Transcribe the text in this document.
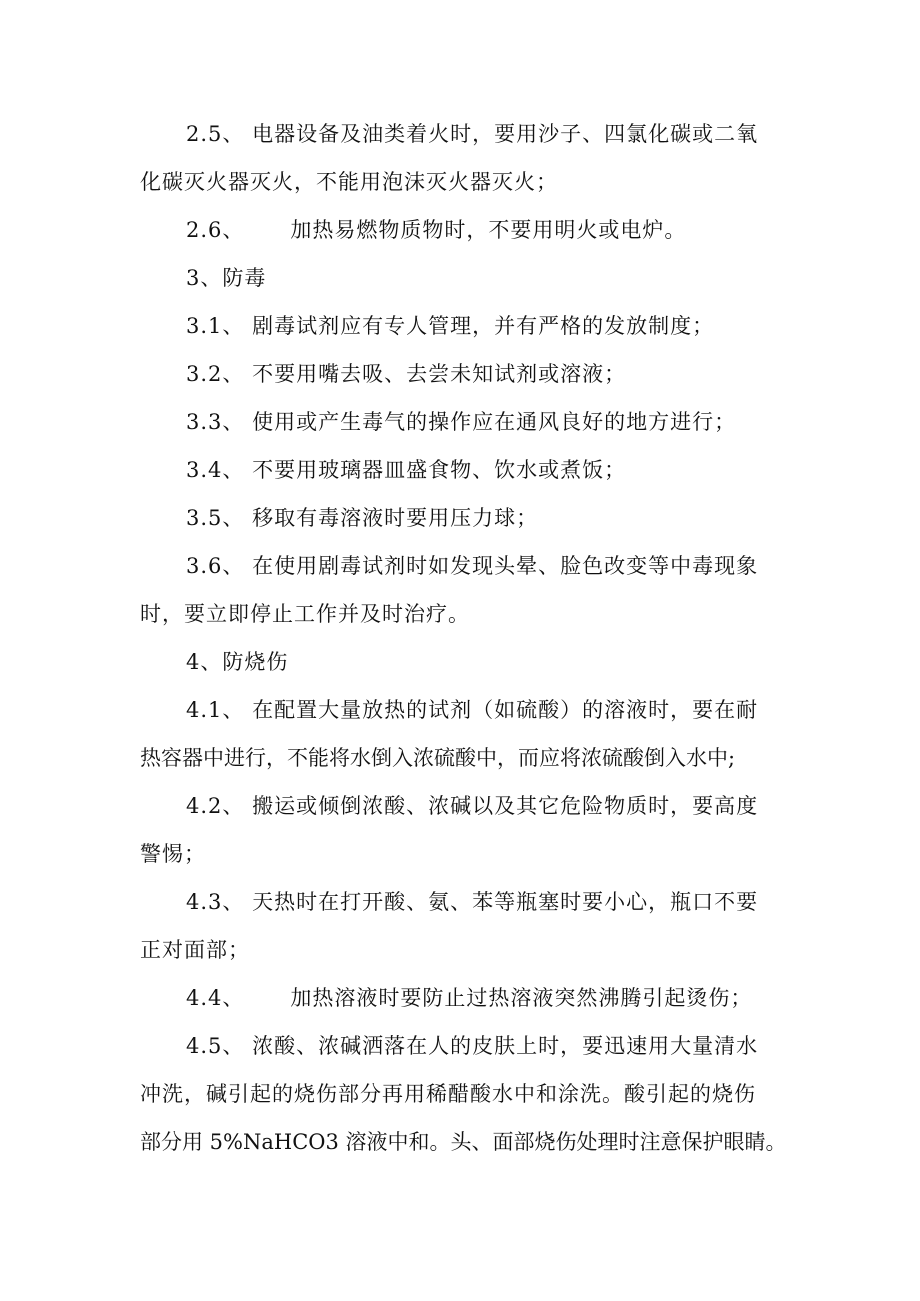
2.5、 电器设备及油类着火时，要用沙子、四氯化碳或二氧
化碳灭火器灭火，不能用泡沫灭火器灭火；
2.6、 加热易燃物质物时，不要用明火或电炉。
3、防毒
3.1、 剧毒试剂应有专人管理，并有严格的发放制度；
3.2、 不要用嘴去吸、去尝未知试剂或溶液；
3.3、 使用或产生毒气的操作应在通风良好的地方进行；
3.4、 不要用玻璃器皿盛食物、饮水或煮饭；
3.5、 移取有毒溶液时要用压力球；
3.6、 在使用剧毒试剂时如发现头晕、脸色改变等中毒现象
时，要立即停止工作并及时治疗。
4、防烧伤
4.1、 在配置大量放热的试剂（如硫酸）的溶液时，要在耐
热容器中进行，不能将水倒入浓硫酸中，而应将浓硫酸倒入水中;
4.2、 搬运或倾倒浓酸、浓碱以及其它危险物质时，要高度
警惕；
4.3、 天热时在打开酸、氨、苯等瓶塞时要小心，瓶口不要
正对面部；
4.4、 加热溶液时要防止过热溶液突然沸腾引起烫伤；
4.5、 浓酸、浓碱洒落在人的皮肤上时，要迅速用大量清水
冲洗，碱引起的烧伤部分再用稀醋酸水中和涂洗。酸引起的烧伤
部分用 5%NaHCO3 溶液中和。头、面部烧伤处理时注意保护眼睛。
